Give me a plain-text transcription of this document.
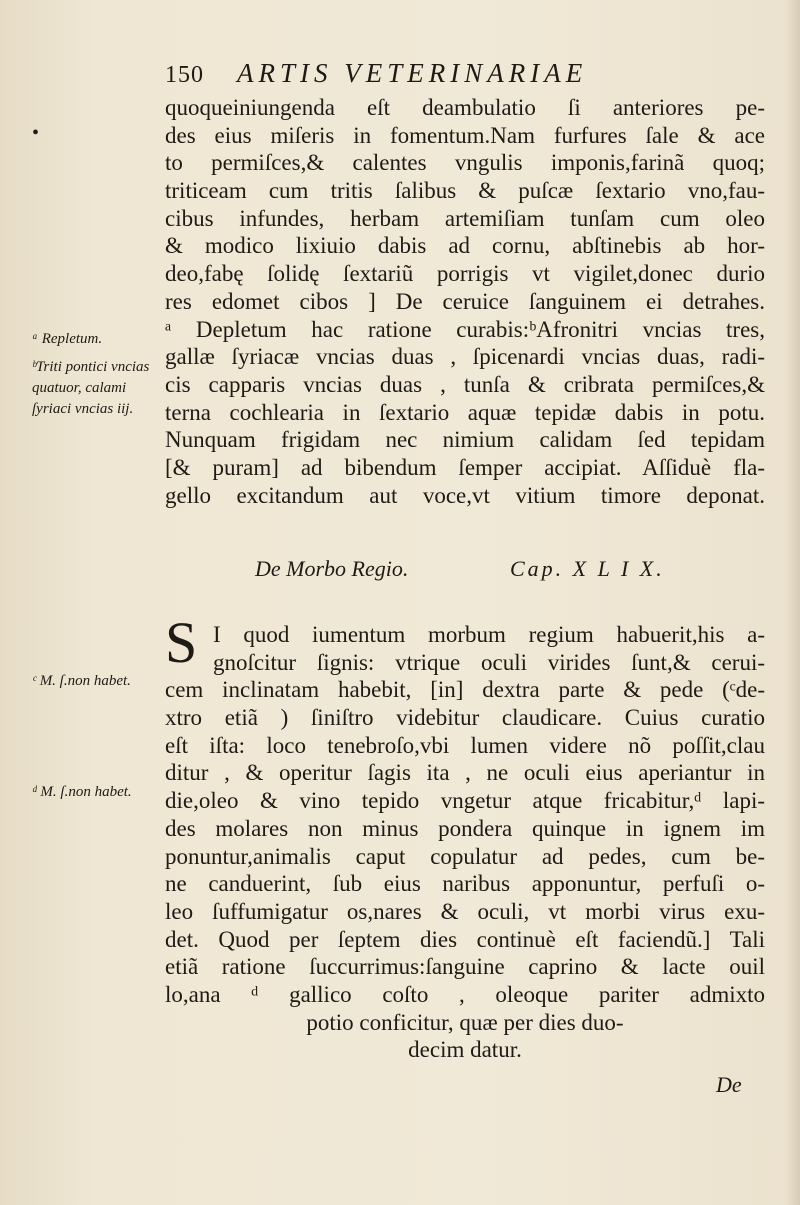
150 ARTIS VETERINARIAE
•
quoqueiniungenda eſt deambulatio ſi anteriores pe-
des eius miſeris in fomentum.Nam furfures ſale & ace
to permiſces,& calentes vngulis imponis,farinã quoq;
triticeam cum tritis ſalibus & puſcæ ſextario vno,fau-
cibus infundes, herbam artemiſiam tunſam cum oleo
& modico lixiuio dabis ad cornu, abſtinebis ab hor-
deo,fabę ſolidę ſextariũ porrigis vt vigilet,donec duriо
res edomet cibos ] De ceruice ſanguinem ei detrahes.
ᵃ Depletum hac ratione curabis:ᵇAfronitri vncias tres,
gallæ ſyriacæ vncias duas , ſpicenardi vncias duas, radi-
cis capparis vncias duas , tunſa & cribrata permiſces,&
terna cochlearia in ſextario aquæ tepidæ dabis in potu.
Nunquam frigidam nec nimium calidam ſed tepidam
[& puram] ad bibendum ſemper accipiat. Aſſiduè fla-
gello excitandum aut voce,vt vitium timore deponat.
De Morbo Regio.	Cap. X L I X.
S I quod iumentum morbum regium habuerit,his a-
gnoſcitur ſignis: vtrique oculi virides ſunt,& cerui-
cem inclinatam habebit, [in] dextra parte & pede (ᶜde-
xtro etiã ) ſiniſtro videbitur claudicare. Cuius curatio
eſt iſta: loco tenebroſo,vbi lumen videre nõ poſſit,clau
ditur , & operitur ſagis ita , ne oculi eius aperiantur in
die,oleo & vino tepido vngetur atque fricabitur,ᵈ lapi-
des molares non minus pondera quinque in ignem im
ponuntur,animalis caput copulatur ad pedes, cum be-
ne canduerint, ſub eius naribus apponuntur, perfuſi o-
leo ſuffumigatur os,nares & oculi, vt morbi virus exu-
det. Quod per ſeptem dies continuè eſt faciendũ.] Tali
etiã ratione ſuccurrimus:ſanguine caprino & lacte ouil
lo,ana ᵈ gallico coſto , oleoque pariter admixto
potio conficitur, quæ per dies duo-
decim datur.
ᵃ Repletum.
ᵇTriti pontici vncias quatuor, calami ſyriaci vncias iij.
ᶜ M. ſ.non habet.
ᵈ M. ſ.non habet.
De
